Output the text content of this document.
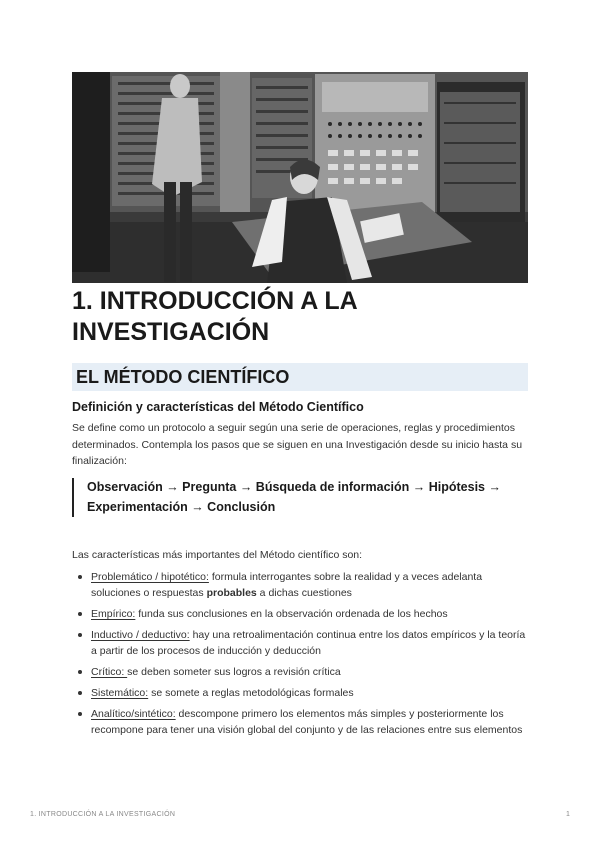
1. INTRODUCCIÓN A LA INVESTIGACIÓN
EL MÉTODO CIENTÍFICO
Definición y características del Método Científico

Se define como un protocolo a seguir según una serie de operaciones, reglas y procedimientos determinados. Contempla los pasos que se siguen en una Investigación desde su inicio hasta su finalización:

Observación → Pregunta → Búsqueda de información → Hipótesis → Experimentación → Conclusión

Las características más importantes del Método científico son:

Problemático / hipotético: formula interrogantes sobre la realidad y a veces adelanta soluciones o respuestas probables a dichas cuestiones
Empírico: funda sus conclusiones en la observación ordenada de los hechos
Inductivo / deductivo: hay una retroalimentación continua entre los datos empíricos y la teoría a partir de los procesos de inducción y deducción
Crítico: se deben someter sus logros a revisión crítica
Sistemático: se somete a reglas metodológicas formales
Analítico/sintético: descompone primero los elementos más simples y posteriormente los recompone para tener una visión global del conjunto y de las relaciones entre sus elementos
1. INTRODUCCIÓN A LA INVESTIGACIÓN	1
